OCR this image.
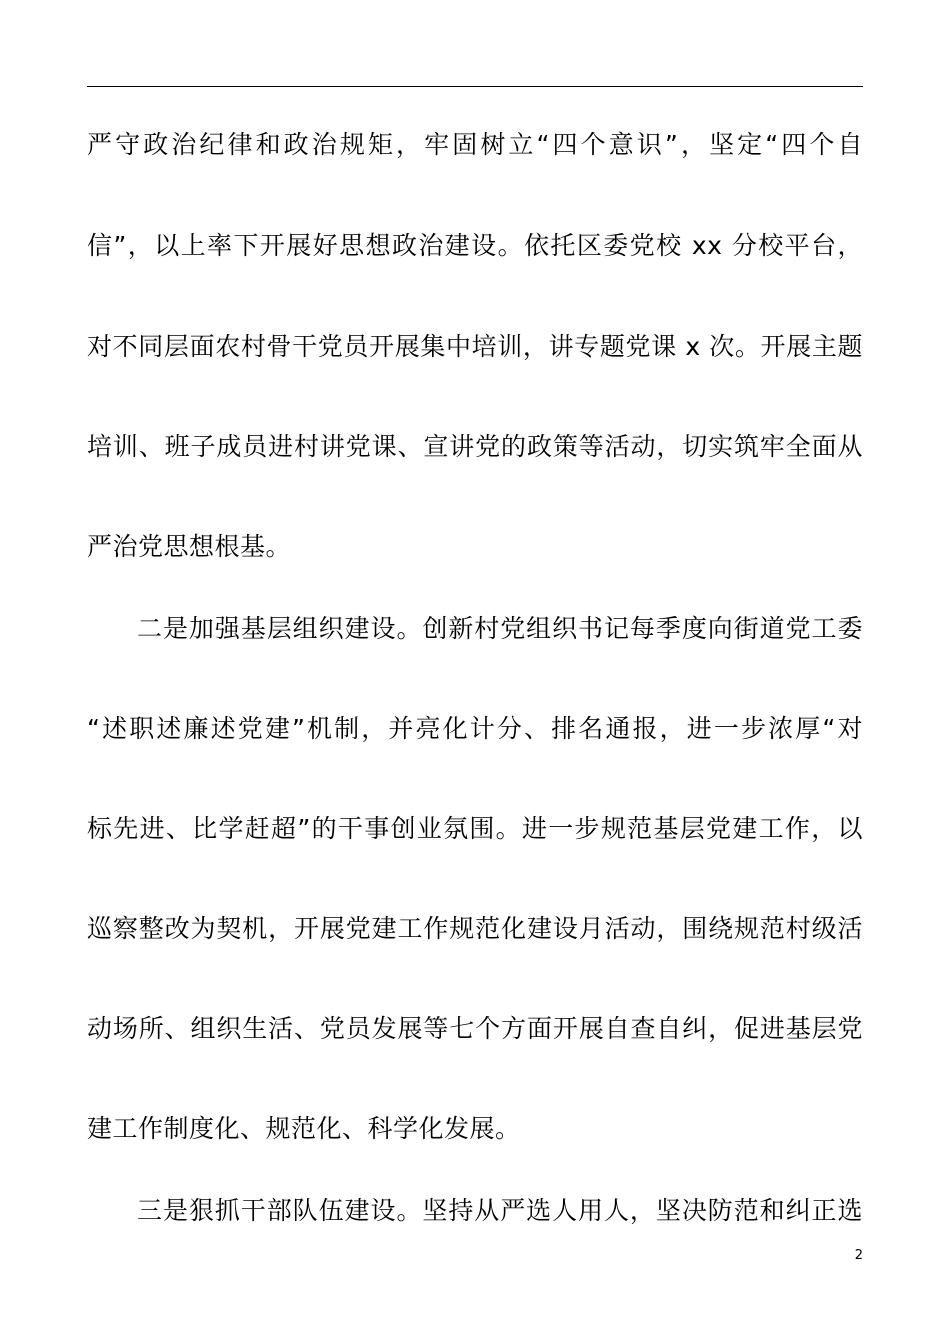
严守政治纪律和政治规矩，牢固树立“四个意识”，坚定“四个自
信”，以上率下开展好思想政治建设。依托区委党校 xx 分校平台，
对不同层面农村骨干党员开展集中培训，讲专题党课 x 次。开展主题
培训、班子成员进村讲党课、宣讲党的政策等活动，切实筑牢全面从
严治党思想根基。
二是加强基层组织建设。创新村党组织书记每季度向街道党工委
“述职述廉述党建”机制，并亮化计分、排名通报，进一步浓厚“对
标先进、比学赶超”的干事创业氛围。进一步规范基层党建工作，以
巡察整改为契机，开展党建工作规范化建设月活动，围绕规范村级活
动场所、组织生活、党员发展等七个方面开展自查自纠，促进基层党
建工作制度化、规范化、科学化发展。
三是狠抓干部队伍建设。坚持从严选人用人，坚决防范和纠正选
2
